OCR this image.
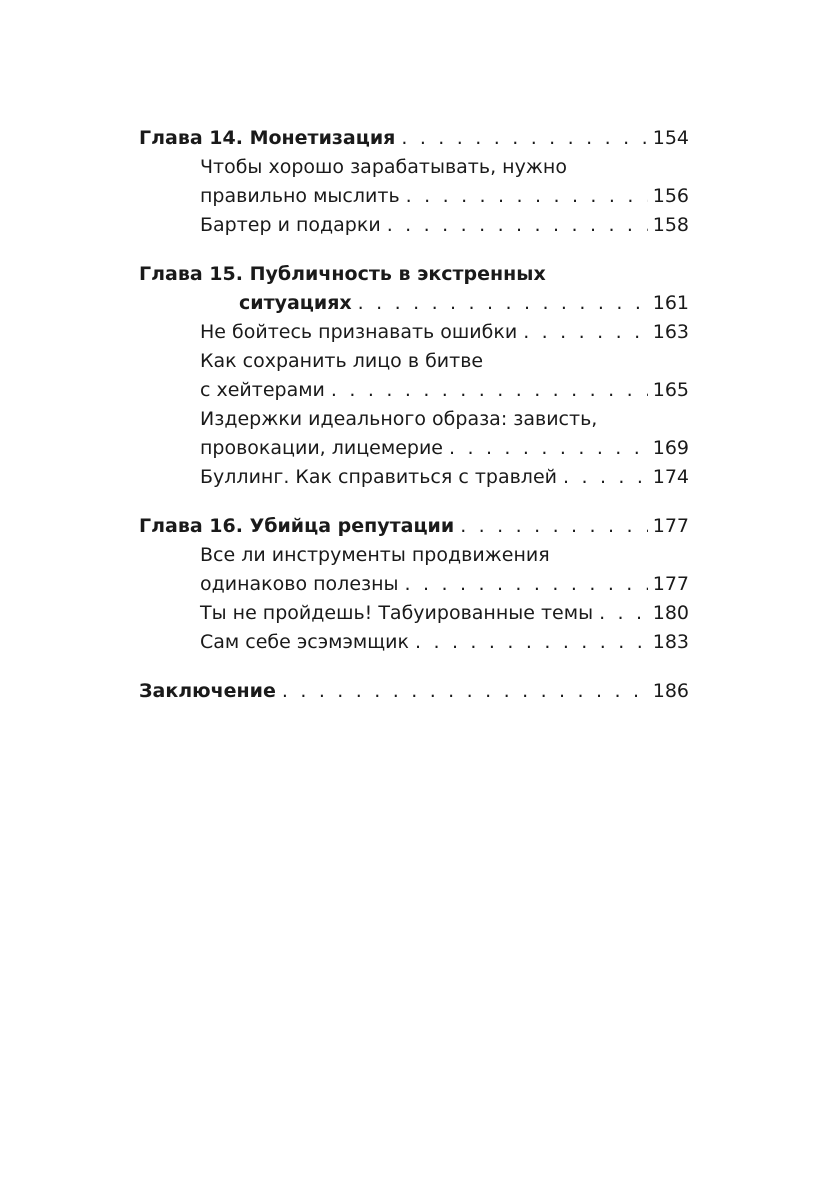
Глава 14. Монетизация . . .	154
Чтобы хорошо зарабатывать, нужно
правильно мыслить . . .	156
Бартер и подарки . . .	158
Глава 15. Публичность в экстренных
ситуациях . . .	161
Не бойтесь признавать ошибки . . .	163
Как сохранить лицо в битве
с хейтерами . . .	165
Издержки идеального образа: зависть,
провокации, лицемерие . . .	169
Буллинг. Как справиться с травлей . . .	174
Глава 16. Убийца репутации . . .	177
Все ли инструменты продвижения
одинаково полезны . . .	177
Ты не пройдешь! Табуированные темы . . .	180
Сам себе эсэмэмщик . . .	183
Заключение . . .	186
